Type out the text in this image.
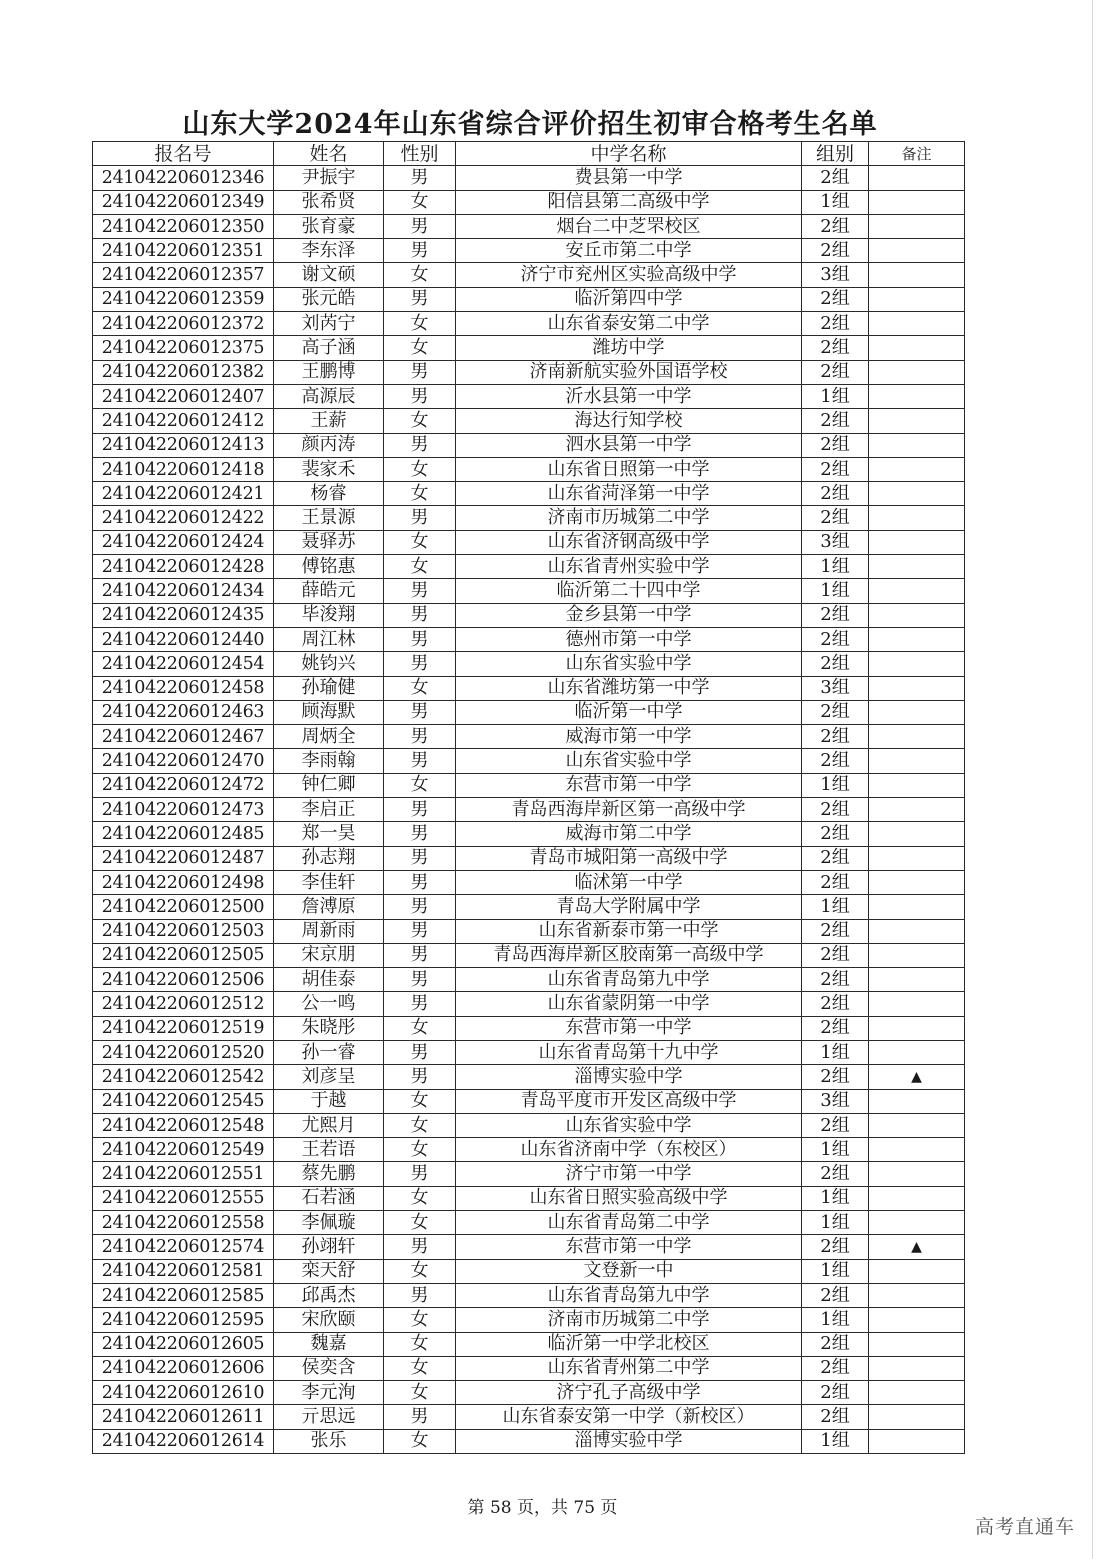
山东大学2024年山东省综合评价招生初审合格考生名单
报名号	姓名	性别	中学名称	组别	备注
241042206012346	尹振宇	男	费县第一中学	2组	
241042206012349	张希贤	女	阳信县第二高级中学	1组	
241042206012350	张育豪	男	烟台二中芝罘校区	2组	
241042206012351	李东泽	男	安丘市第二中学	2组	
241042206012357	谢文硕	女	济宁市兖州区实验高级中学	3组	
241042206012359	张元皓	男	临沂第四中学	2组	
241042206012372	刘芮宁	女	山东省泰安第二中学	2组	
241042206012375	高子涵	女	潍坊中学	2组	
241042206012382	王鹏博	男	济南新航实验外国语学校	2组	
241042206012407	高源辰	男	沂水县第一中学	1组	
241042206012412	王薪	女	海达行知学校	2组	
241042206012413	颜丙涛	男	泗水县第一中学	2组	
241042206012418	裴家禾	女	山东省日照第一中学	2组	
241042206012421	杨睿	女	山东省菏泽第一中学	2组	
241042206012422	王景源	男	济南市历城第二中学	2组	
241042206012424	聂驿苏	女	山东省济钢高级中学	3组	
241042206012428	傅铭惠	女	山东省青州实验中学	1组	
241042206012434	薛皓元	男	临沂第二十四中学	1组	
241042206012435	毕浚翔	男	金乡县第一中学	2组	
241042206012440	周江林	男	德州市第一中学	2组	
241042206012454	姚钧兴	男	山东省实验中学	2组	
241042206012458	孙瑜健	女	山东省潍坊第一中学	3组	
241042206012463	顾海默	男	临沂第一中学	2组	
241042206012467	周炳全	男	威海市第一中学	2组	
241042206012470	李雨翰	男	山东省实验中学	2组	
241042206012472	钟仁卿	女	东营市第一中学	1组	
241042206012473	李启正	男	青岛西海岸新区第一高级中学	2组	
241042206012485	郑一昊	男	威海市第二中学	2组	
241042206012487	孙志翔	男	青岛市城阳第一高级中学	2组	
241042206012498	李佳轩	男	临沭第一中学	2组	
241042206012500	詹溥原	男	青岛大学附属中学	1组	
241042206012503	周新雨	男	山东省新泰市第一中学	2组	
241042206012505	宋京朋	男	青岛西海岸新区胶南第一高级中学	2组	
241042206012506	胡佳泰	男	山东省青岛第九中学	2组	
241042206012512	公一鸣	男	山东省蒙阴第一中学	2组	
241042206012519	朱晓彤	女	东营市第一中学	2组	
241042206012520	孙一睿	男	山东省青岛第十九中学	1组	
241042206012542	刘彦呈	男	淄博实验中学	2组	▲
241042206012545	于越	女	青岛平度市开发区高级中学	3组	
241042206012548	尤熙月	女	山东省实验中学	2组	
241042206012549	王若语	女	山东省济南中学（东校区）	1组	
241042206012551	蔡先鹏	男	济宁市第一中学	2组	
241042206012555	石若涵	女	山东省日照实验高级中学	1组	
241042206012558	李佩璇	女	山东省青岛第二中学	1组	
241042206012574	孙翊轩	男	东营市第一中学	2组	▲
241042206012581	栾天舒	女	文登新一中	1组	
241042206012585	邱禹杰	男	山东省青岛第九中学	2组	
241042206012595	宋欣颐	女	济南市历城第二中学	1组	
241042206012605	魏嘉	女	临沂第一中学北校区	2组	
241042206012606	侯奕含	女	山东省青州第二中学	2组	
241042206012610	李元洵	女	济宁孔子高级中学	2组	
241042206012611	亓思远	男	山东省泰安第一中学（新校区）	2组	
241042206012614	张乐	女	淄博实验中学	1组	
第 58 页，共 75 页
高考直通车
